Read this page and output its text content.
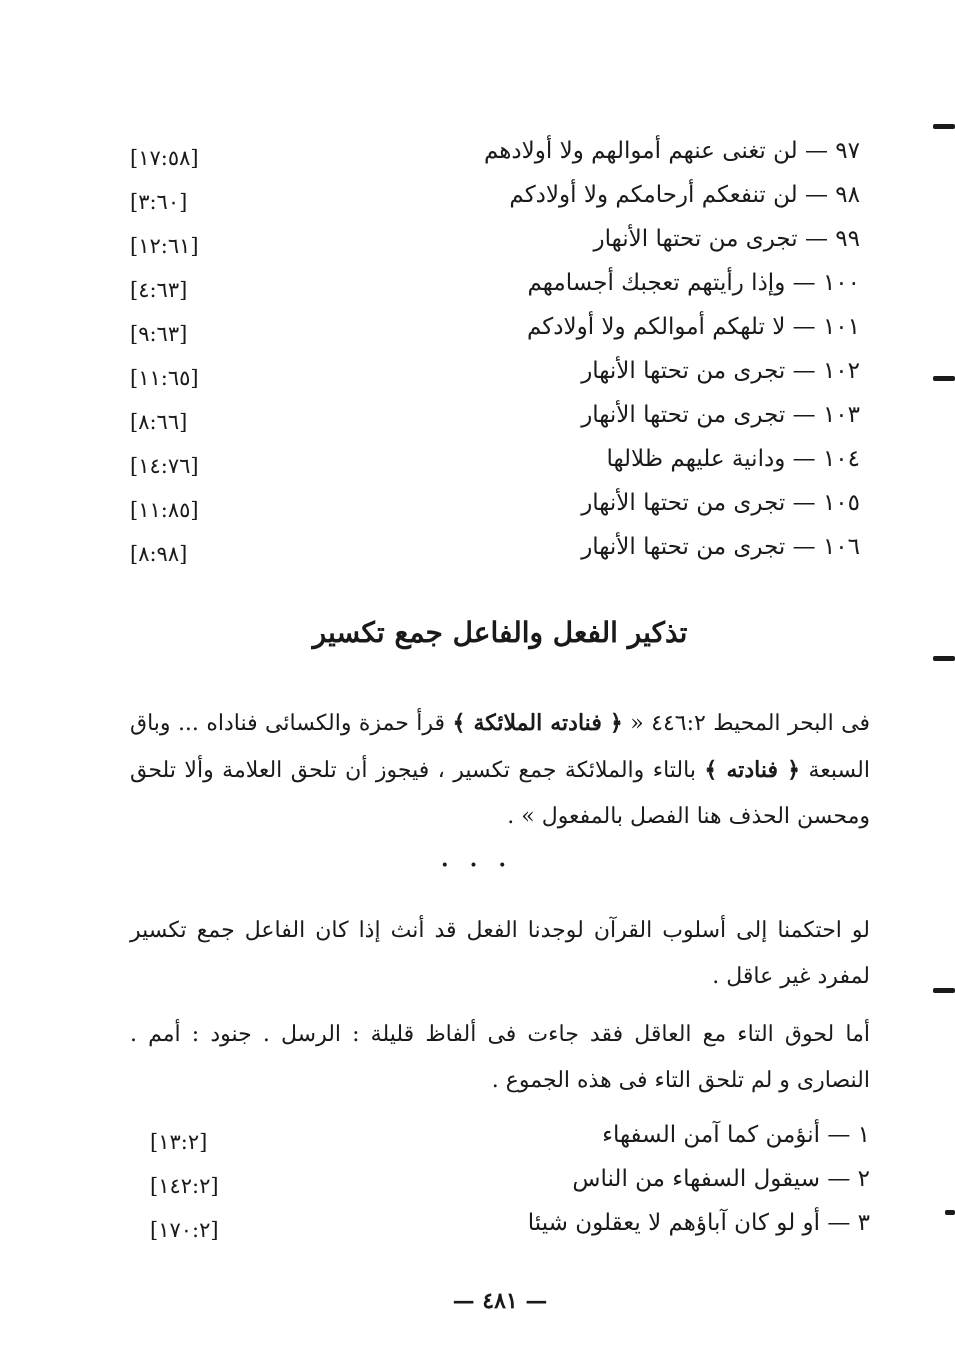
٩٧ — لن تغنى عنهم أموالهم ولا أولادهم
[١٧:٥٨]
٩٨ — لن تنفعكم أرحامكم ولا أولادكم
[٣:٦٠]
٩٩ — تجرى من تحتها الأنهار
[١٢:٦١]
١٠٠ — وإذا رأيتهم تعجبك أجسامهم
[٤:٦٣]
١٠١ — لا تلهكم أموالكم ولا أولادكم
[٩:٦٣]
١٠٢ — تجرى من تحتها الأنهار
[١١:٦٥]
١٠٣ — تجرى من تحتها الأنهار
[٨:٦٦]
١٠٤ — ودانية عليهم ظلالها
[١٤:٧٦]
١٠٥ — تجرى من تحتها الأنهار
[١١:٨٥]
١٠٦ — تجرى من تحتها الأنهار
[٨:٩٨]
تذكير الفعل والفاعل جمع تكسير
فى البحر المحيط ٤٤٦:٢ « ﴿ فنادته الملائكة ﴾ قرأ حمزة والكسائى فناداه ... وباق السبعة ﴿ فنادته ﴾ بالتاء والملائكة جمع تكسير ، فيجوز أن تلحق العلامة وألا تلحق ومحسن الحذف هنا الفصل بالمفعول » .
• • •
لو احتكمنا إلى أسلوب القرآن لوجدنا الفعل قد أنث إذا كان الفاعل جمع تكسير لمفرد غير عاقل .
أما لحوق التاء مع العاقل فقد جاءت فى ألفاظ قليلة : الرسل . جنود : أمم . النصارى و لم تلحق التاء فى هذه الجموع .
١ — أنؤمن كما آمن السفهاء
[١٣:٢]
٢ — سيقول السفهاء من الناس
[١٤٢:٢]
٣ — أو لو كان آباؤهم لا يعقلون شيئا
[١٧٠:٢]
— ٤٨١ —
